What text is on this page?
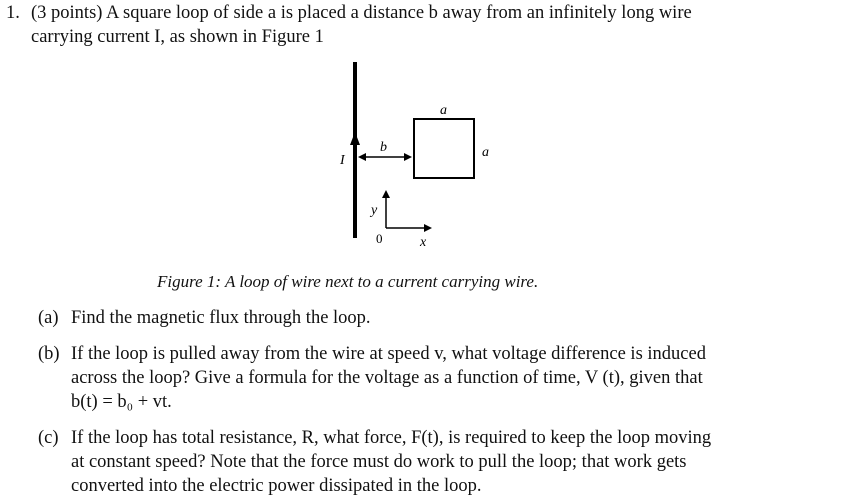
1. (3 points) A square loop of side a is placed a distance b away from an infinitely long wire
carrying current I, as shown in Figure 1
I
b
a
a
y
0	x
Figure 1: A loop of wire next to a current carrying wire.
(a) Find the magnetic flux through the loop.
(b) If the loop is pulled away from the wire at speed v, what voltage difference is induced
across the loop? Give a formula for the voltage as a function of time, V (t), given that
b(t) = b₀ + vt.
(c) If the loop has total resistance, R, what force, F(t), is required to keep the loop moving
at constant speed? Note that the force must do work to pull the loop; that work gets
converted into the electric power dissipated in the loop.
